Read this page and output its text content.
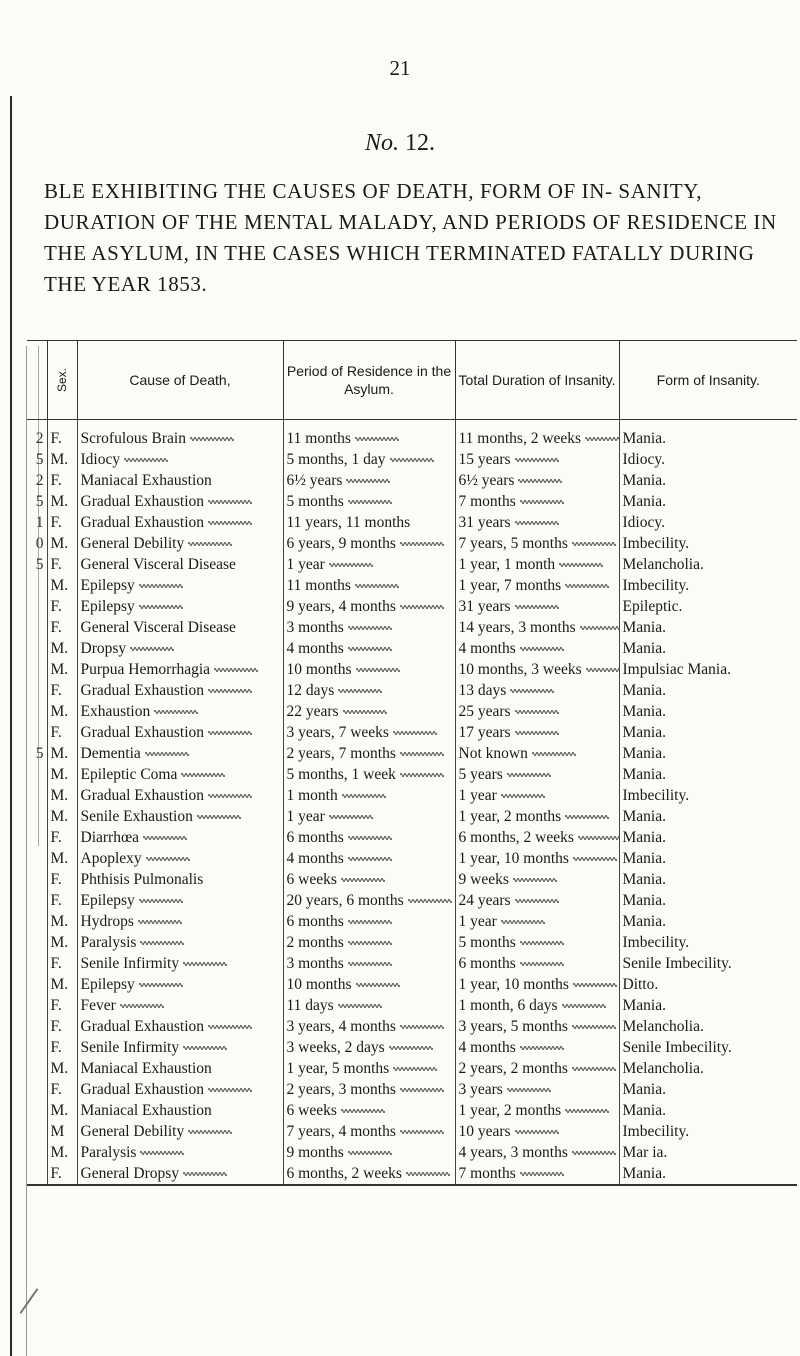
21
No. 12.
BLE EXHIBITING THE CAUSES OF DEATH, FORM OF IN- SANITY, DURATION OF THE MENTAL MALADY, AND PERIODS OF RESIDENCE IN THE ASYLUM, IN THE CASES WHICH TERMINATED FATALLY DURING THE YEAR 1853.
	Sex.	Cause of Death,	Period of Residence in the Asylum.	Total Duration of Insanity.	Form of Insanity.
2	F.	Scrofulous Brain	11 months	11 months, 2 weeks	Mania.
5	M.	Idiocy	5 months, 1 day	15 years	Idiocy.
2	F.	Maniacal Exhaustion	6½ years	6½ years	Mania.
5	M.	Gradual Exhaustion	5 months	7 months	Mania.
1	F.	Gradual Exhaustion	11 years, 11 months	31 years	Idiocy.
0	M.	General Debility	6 years, 9 months	7 years, 5 months	Imbecility.
5	F.	General Visceral Disease	1 year	1 year, 1 month	Melancholia.
	M.	Epilepsy	11 months	1 year, 7 months	Imbecility.
	F.	Epilepsy	9 years, 4 months	31 years	Epileptic.
	F.	General Visceral Disease	3 months	14 years, 3 months	Mania.
	M.	Dropsy	4 months	4 months	Mania.
	M.	Purpua Hemorrhagia	10 months	10 months, 3 weeks	Impulsiac Mania.
	F.	Gradual Exhaustion	12 days	13 days	Mania.
	M.	Exhaustion	22 years	25 years	Mania.
	F.	Gradual Exhaustion	3 years, 7 weeks	17 years	Mania.
5	M.	Dementia	2 years, 7 months	Not known	Mania.
	M.	Epileptic Coma	5 months, 1 week	5 years	Mania.
	M.	Gradual Exhaustion	1 month	1 year	Imbecility.
	M.	Senile Exhaustion	1 year	1 year, 2 months	Mania.
	F.	Diarrhœa	6 months	6 months, 2 weeks	Mania.
	M.	Apoplexy	4 months	1 year, 10 months	Mania.
	F.	Phthisis Pulmonalis	6 weeks	9 weeks	Mania.
	F.	Epilepsy	20 years, 6 months	24 years	Mania.
	M.	Hydrops	6 months	1 year	Mania.
	M.	Paralysis	2 months	5 months	Imbecility.
	F.	Senile Infirmity	3 months	6 months	Senile Imbecility.
	M.	Epilepsy	10 months	1 year, 10 months	Ditto.
	F.	Fever	11 days	1 month, 6 days	Mania.
	F.	Gradual Exhaustion	3 years, 4 months	3 years, 5 months	Melancholia.
	F.	Senile Infirmity	3 weeks, 2 days	4 months	Senile Imbecility.
	M.	Maniacal Exhaustion	1 year, 5 months	2 years, 2 months	Melancholia.
	F.	Gradual Exhaustion	2 years, 3 months	3 years	Mania.
	M.	Maniacal Exhaustion	6 weeks	1 year, 2 months	Mania.
	M	General Debility	7 years, 4 months	10 years	Imbecility.
	M.	Paralysis	9 months	4 years, 3 months	Mar ia.
	F.	General Dropsy	6 months, 2 weeks	7 months	Mania.
